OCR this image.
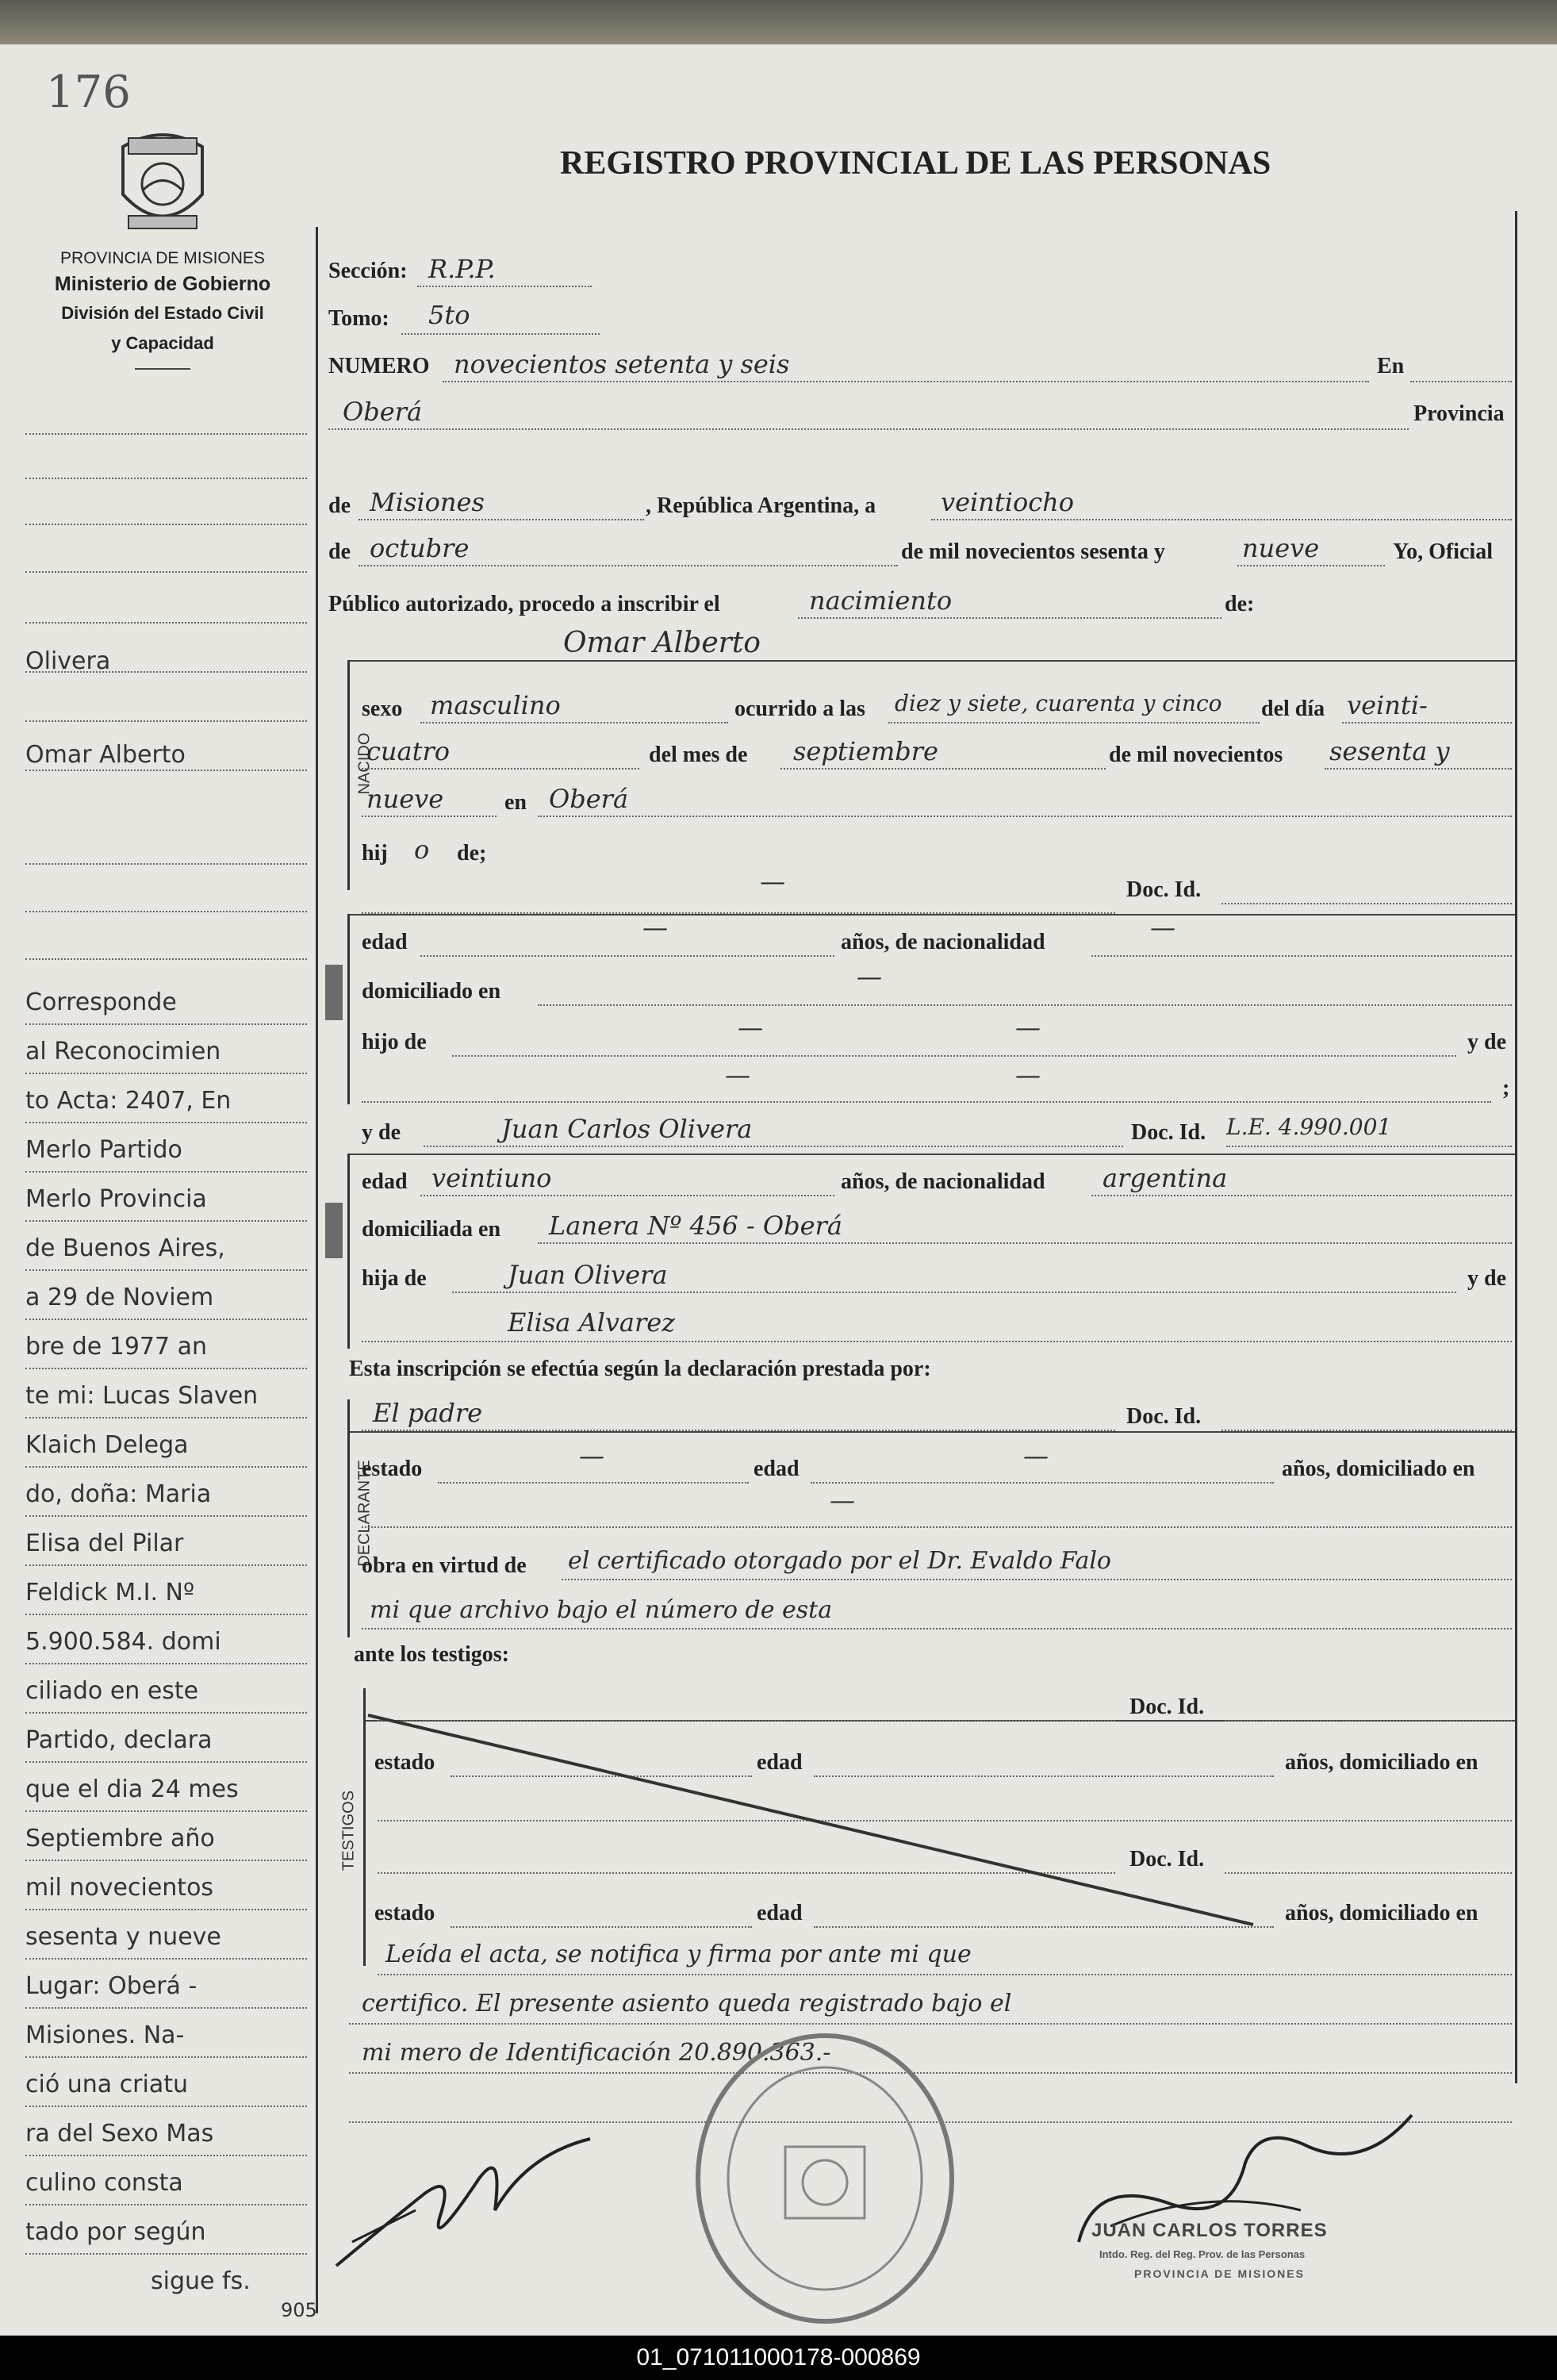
176
PROVINCIA DE MISIONES
Ministerio de Gobierno
División del Estado Civil
y Capacidad
REGISTRO PROVINCIAL DE LAS PERSONAS
Olivera
Omar Alberto
Corresponde
al Reconocimien
to Acta: 2407, En
Merlo Partido
Merlo Provincia
de Buenos Aires,
a 29 de Noviem
bre de 1977 an
te mi: Lucas Slaven
Klaich Delega
do, doña: Maria
Elisa del Pilar
Feldick M.I. Nº
5.900.584. domi
ciliado en este
Partido, declara
que el dia 24 mes
Septiembre año
mil novecientos
sesenta y nueve
Lugar: Oberá -
Misiones. Na-
ció una criatu
ra del Sexo Mas
culino consta
tado por según
sigue fs.
905
Sección: R.P.P.
Tomo: 5to
NUMERO novecientos setenta y seis	En
Oberá	Provincia
de Misiones	, República Argentina, a	veintiocho
de octubre	de mil novecientos sesenta y	nueve	Yo, Oficial
Público autorizado, procedo a inscribir el	nacimiento	de:
NACIDO
Omar Alberto
sexo masculino	ocurrido a las diez y siete, cuarenta y cinco del día veinti-
cuatro	del mes de septiembre	de mil novecientos sesenta y
nueve	en Oberá
hij o de;
—	Doc. Id.
edad	—	años, de nacionalidad	—
domiciliado en	—
hijo de	—	—	y de
—	—	;
y de	Juan Carlos Olivera	Doc. Id. L.E. 4.990.001
edad veintiuno	años, de nacionalidad argentina
domiciliada en Lanera Nº 456 - Oberá
hija de	Juan Olivera	y de
Elisa Alvarez
Esta inscripción se efectúa según la declaración prestada por:
DECLARANTE
El padre	Doc. Id.
estado	—	edad	—	años, domiciliado en
—
obra en virtud de el certificado otorgado por el Dr. Evaldo Falo
mi que archivo bajo el número de esta
ante los testigos:
TESTIGOS
Doc. Id.
estado	edad	años, domiciliado en
Doc. Id.
estado	edad	años, domiciliado en
Leída el acta, se notifica y firma por ante mi que
certifico. El presente asiento queda registrado bajo el
mi mero de Identificación 20.890.363.-
JUAN CARLOS TORRES
Intdo. Reg. del Reg. Prov. de las Personas
PROVINCIA DE MISIONES
01_071011000178-000869
